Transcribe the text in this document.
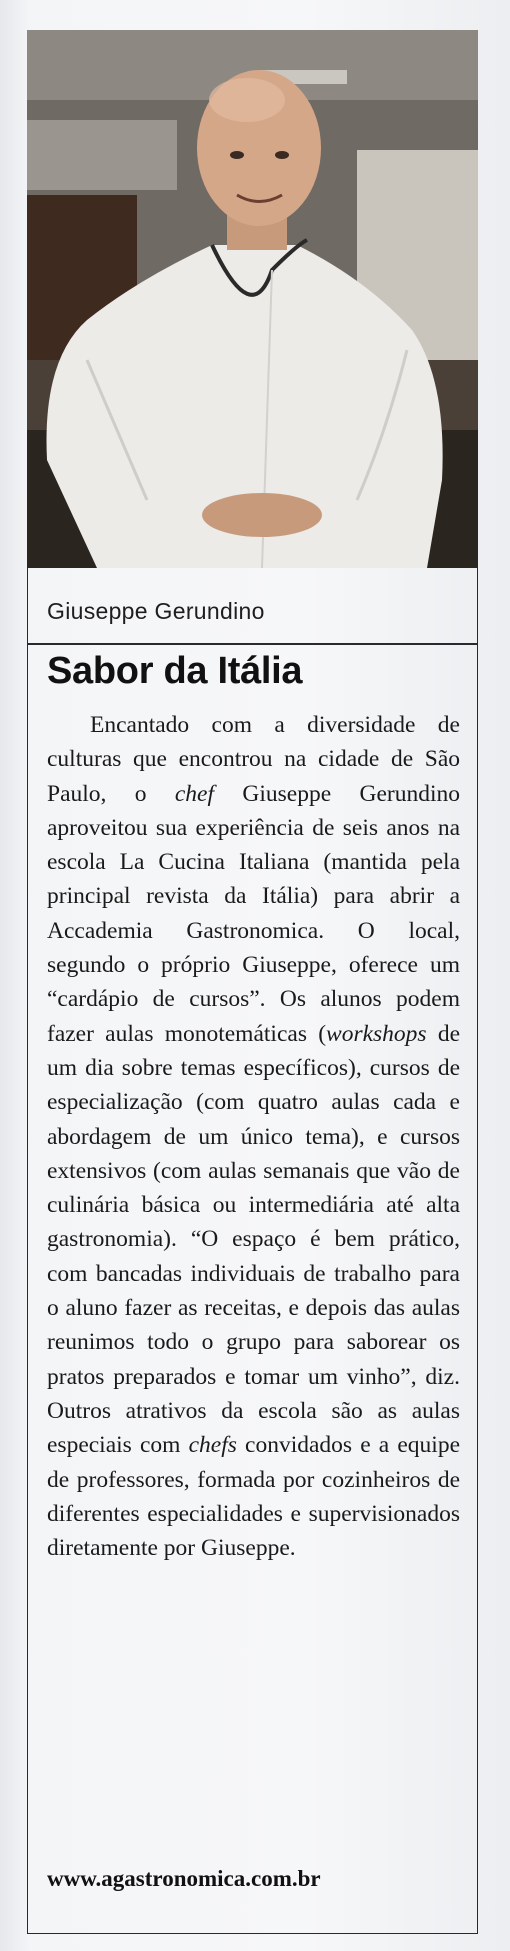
Giuseppe Gerundino
Sabor da Itália

Encantado com a diversidade de culturas que encontrou na cidade de São Paulo, o chef Giuseppe Gerundino aproveitou sua experiência de seis anos na escola La Cucina Italiana (mantida pela principal revista da Itália) para abrir a Accademia Gastronomica. O local, segundo o próprio Giuseppe, oferece um “cardápio de cursos”. Os alunos podem fazer aulas monotemáticas (workshops de um dia sobre temas específicos), cursos de especialização (com quatro aulas cada e abordagem de um único tema), e cursos extensivos (com aulas semanais que vão de culinária básica ou intermediária até alta gastronomia). “O espaço é bem prático, com bancadas individuais de trabalho para o aluno fazer as receitas, e depois das aulas reunimos todo o grupo para saborear os pratos preparados e tomar um vinho”, diz. Outros atrativos da escola são as aulas especiais com chefs convidados e a equipe de professores, formada por cozinheiros de diferentes especialidades e supervisionados diretamente por Giuseppe.

www.agastronomica.com.br
